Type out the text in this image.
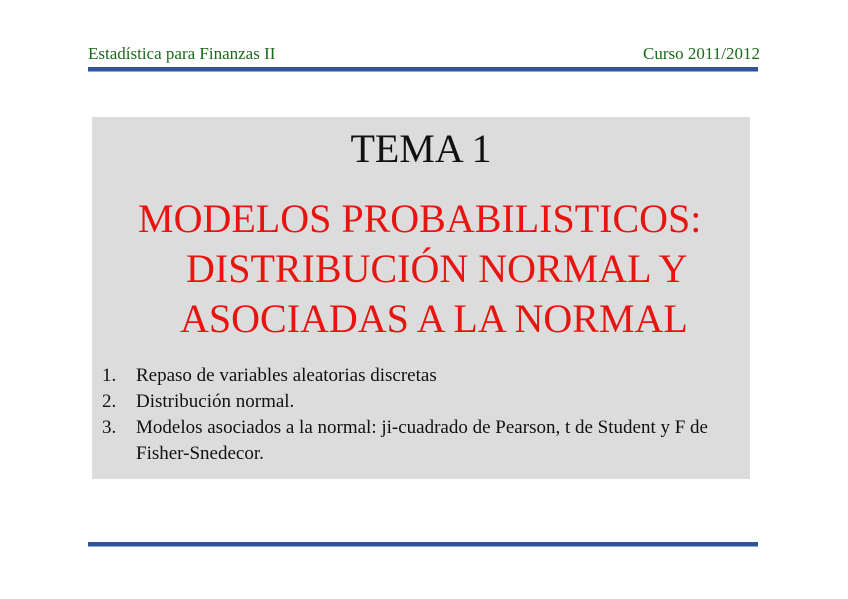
Estadística para Finanzas II	Curso 2011/2012
TEMA 1
MODELOS PROBABILISTICOS:
DISTRIBUCIÓN NORMAL Y
ASOCIADAS A LA NORMAL
1. Repaso de variables aleatorias discretas
2. Distribución normal.
3. Modelos asociados a la normal: ji-cuadrado de Pearson, t de Student y F de Fisher-Snedecor.
